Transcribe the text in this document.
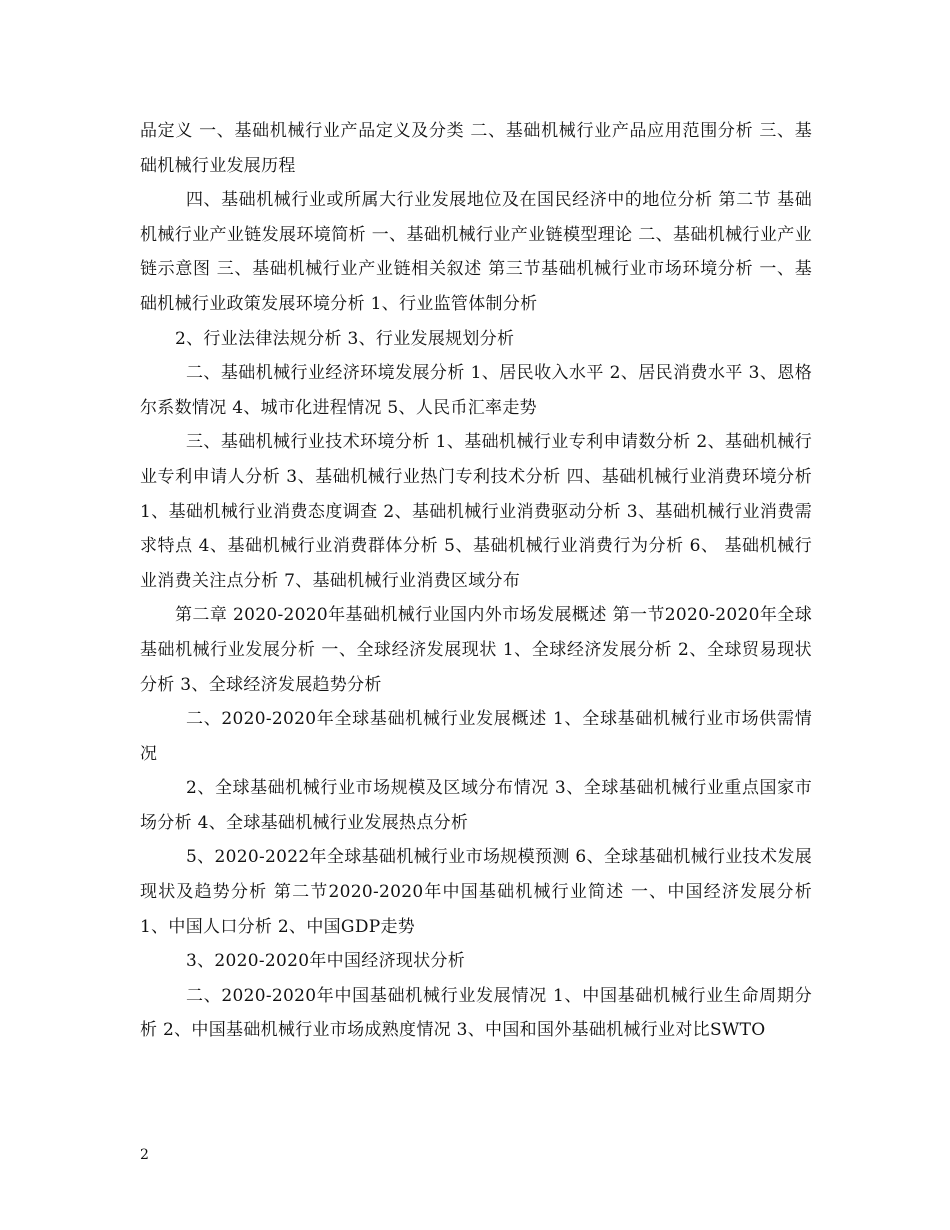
品定义 一、基础机械行业产品定义及分类 二、基础机械行业产品应用范围分析 三、基础机械行业发展历程

四、基础机械行业或所属大行业发展地位及在国民经济中的地位分析 第二节 基础机械行业产业链发展环境简析 一、基础机械行业产业链模型理论 二、基础机械行业产业链示意图 三、基础机械行业产业链相关叙述 第三节基础机械行业市场环境分析 一、基础机械行业政策发展环境分析 1、行业监管体制分析

2、行业法律法规分析 3、行业发展规划分析

二、基础机械行业经济环境发展分析 1、居民收入水平 2、居民消费水平 3、恩格尔系数情况 4、城市化进程情况 5、人民币汇率走势

三、基础机械行业技术环境分析 1、基础机械行业专利申请数分析 2、基础机械行业专利申请人分析 3、基础机械行业热门专利技术分析 四、基础机械行业消费环境分析 1、基础机械行业消费态度调查 2、基础机械行业消费驱动分析 3、基础机械行业消费需求特点 4、基础机械行业消费群体分析 5、基础机械行业消费行为分析 6、 基础机械行业消费关注点分析 7、基础机械行业消费区域分布

第二章 2020-2020年基础机械行业国内外市场发展概述 第一节2020-2020年全球基础机械行业发展分析 一、全球经济发展现状 1、全球经济发展分析 2、全球贸易现状分析 3、全球经济发展趋势分析

二、2020-2020年全球基础机械行业发展概述 1、全球基础机械行业市场供需情况

2、全球基础机械行业市场规模及区域分布情况 3、全球基础机械行业重点国家市场分析 4、全球基础机械行业发展热点分析

5、2020-2022年全球基础机械行业市场规模预测 6、全球基础机械行业技术发展现状及趋势分析 第二节2020-2020年中国基础机械行业简述 一、中国经济发展分析 1、中国人口分析 2、中国GDP走势

3、2020-2020年中国经济现状分析

二、2020-2020年中国基础机械行业发展情况 1、中国基础机械行业生命周期分析 2、中国基础机械行业市场成熟度情况 3、中国和国外基础机械行业对比SWTO

2
